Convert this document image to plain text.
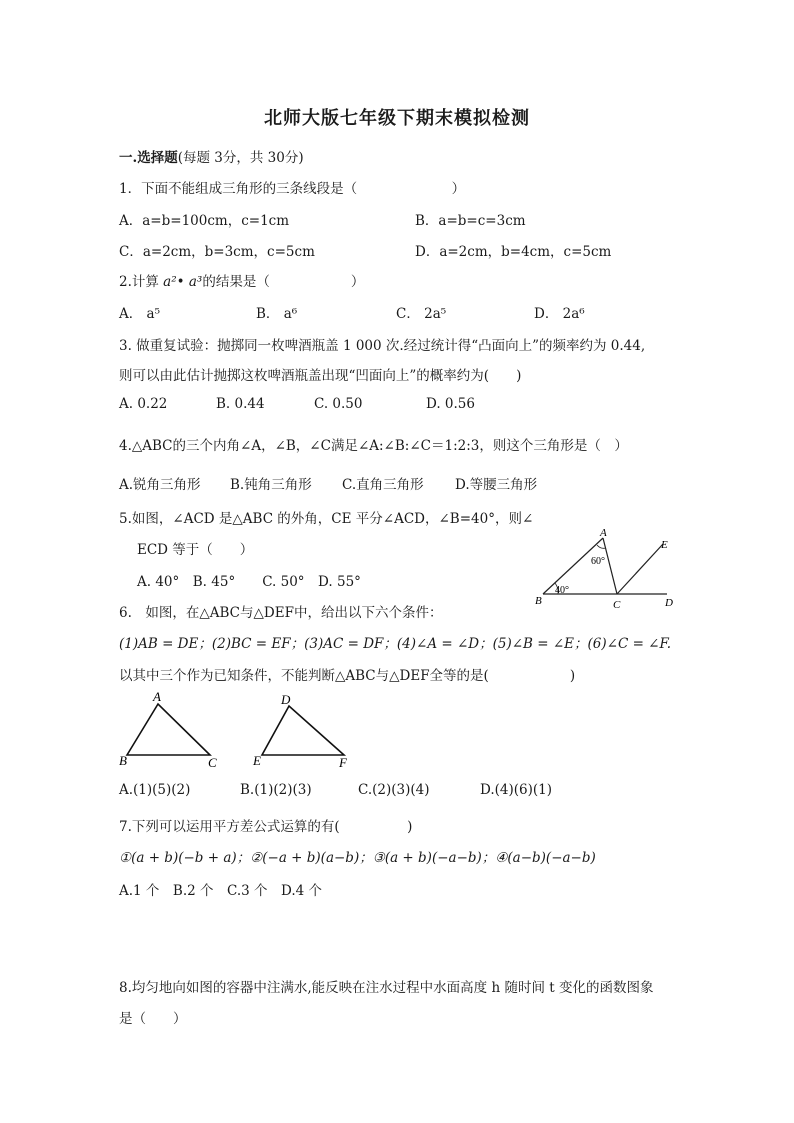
北师大版七年级下期末模拟检测
一.选择题(每题 3分，共 30分)
1．下面不能组成三角形的三条线段是（　　　　　　　）
A．a=b=100cm，c=1cm	B．a=b=c=3cm
C．a=2cm，b=3cm，c=5cm	D．a=2cm，b=4cm，c=5cm
2.计算 a²• a³的结果是（　　　　　　）
A． a⁵	B． a⁶	C． 2a⁵	D． 2a⁶
3. 做重复试验：抛掷同一枚啤酒瓶盖 1 000 次.经过统计得“凸面向上”的频率约为 0.44,
则可以由此估计抛掷这枚啤酒瓶盖出现“凹面向上”的概率约为(　　)
A. 0.22	B. 0.44	C. 0.50	D. 0.56
4.△ABC的三个内角∠A，∠B，∠C满足∠A:∠B:∠C＝1:2:3，则这个三角形是（　）
A.锐角三角形 B.钝角三角形 C.直角三角形 D.等腰三角形
5.如图，∠ACD 是△ABC 的外角，CE 平分∠ACD，∠B=40°，则∠
ECD 等于（　　）
A. 40°　B. 45°　　C. 50°　D. 55°
A
B	C	D
E
60°
40°
6.　如图，在△ABC与△DEF中，给出以下六个条件：
(1)AB = DE；(2)BC = EF；(3)AC = DF；(4)∠A = ∠D；(5)∠B = ∠E；(6)∠C = ∠F.
以其中三个作为已知条件，不能判断△ABC与△DEF全等的是(　　　　　　)
A
B	C
D
E	F
A.(1)(5)(2)	B.(1)(2)(3)	C.(2)(3)(4)	D.(4)(6)(1)
7.下列可以运用平方差公式运算的有(　　　　　)
①(a + b)(−b + a)；②(−a + b)(a−b)；③(a + b)(−a−b)；④(a−b)(−a−b)
A.1 个　B.2 个　C.3 个　D.4 个
8.均匀地向如图的容器中注满水,能反映在注水过程中水面高度 h 随时间 t 变化的函数图象
是（　　）
